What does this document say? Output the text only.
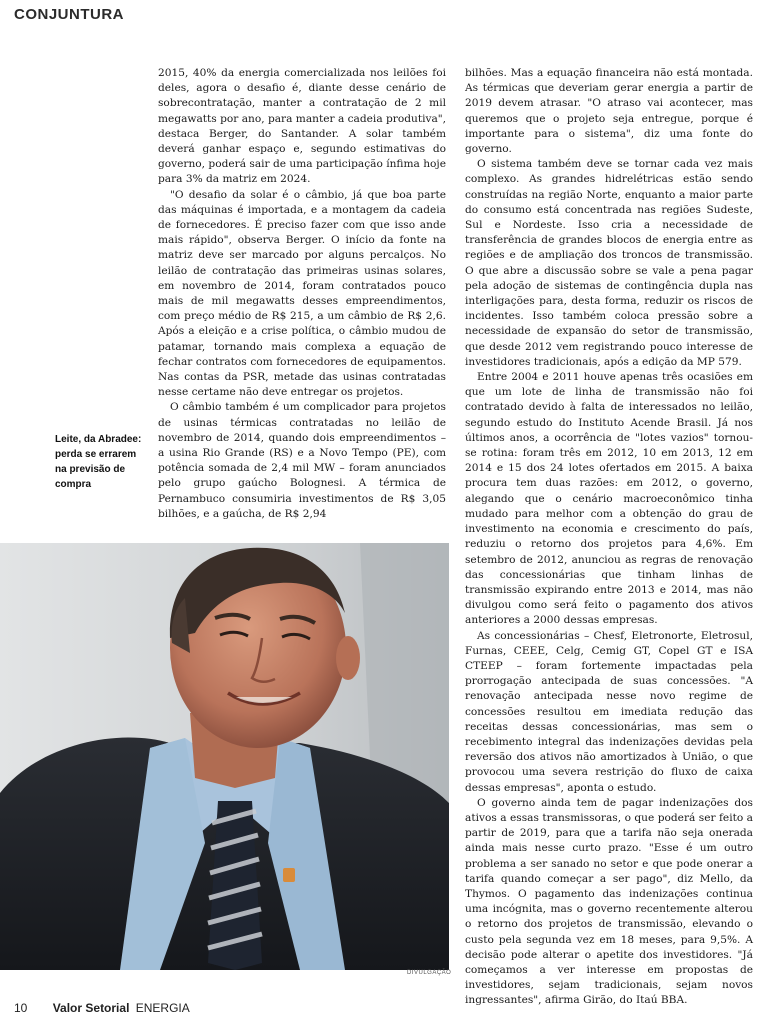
CONJUNTURA

2015, 40% da energia comercializada nos leilões foi deles, agora o desafio é, diante desse cenário de sobrecontratação, manter a contratação de 2 mil megawatts por ano, para manter a cadeia produtiva", destaca Berger, do Santander. A solar também deverá ganhar espaço e, segundo estimativas do governo, poderá sair de uma participação ínfima hoje para 3% da matriz em 2024.

"O desafio da solar é o câmbio, já que boa parte das máquinas é importada, e a montagem da cadeia de fornecedores. É preciso fazer com que isso ande mais rápido", observa Berger. O início da fonte na matriz deve ser marcado por alguns percalços. No leilão de contratação das primeiras usinas solares, em novembro de 2014, foram contratados pouco mais de mil megawatts desses empreendimentos, com preço médio de R$ 215, a um câmbio de R$ 2,6. Após a eleição e a crise política, o câmbio mudou de patamar, tornando mais complexa a equação de fechar contratos com fornecedores de equipamentos. Nas contas da PSR, metade das usinas contratadas nesse certame não deve entregar os projetos.

O câmbio também é um complicador para projetos de usinas térmicas contratadas no leilão de novembro de 2014, quando dois empreendimentos – a usina Rio Grande (RS) e a Novo Tempo (PE), com potência somada de 2,4 mil MW – foram anunciados pelo grupo gaúcho Bolognesi. A térmica de Pernambuco consumiria investimentos de R$ 3,05 bilhões, e a gaúcha, de R$ 2,94

bilhões. Mas a equação financeira não está montada. As térmicas que deveriam gerar energia a partir de 2019 devem atrasar. "O atraso vai acontecer, mas queremos que o projeto seja entregue, porque é importante para o sistema", diz uma fonte do governo.

O sistema também deve se tornar cada vez mais complexo. As grandes hidrelétricas estão sendo construídas na região Norte, enquanto a maior parte do consumo está concentrada nas regiões Sudeste, Sul e Nordeste. Isso cria a necessidade de transferência de grandes blocos de energia entre as regiões e de ampliação dos troncos de transmissão. O que abre a discussão sobre se vale a pena pagar pela adoção de sistemas de contingência dupla nas interligações para, desta forma, reduzir os riscos de incidentes. Isso também coloca pressão sobre a necessidade de expansão do setor de transmissão, que desde 2012 vem registrando pouco interesse de investidores tradicionais, após a edição da MP 579.

Entre 2004 e 2011 houve apenas três ocasiões em que um lote de linha de transmissão não foi contratado devido à falta de interessados no leilão, segundo estudo do Instituto Acende Brasil. Já nos últimos anos, a ocorrência de "lotes vazios" tornou-se rotina: foram três em 2012, 10 em 2013, 12 em 2014 e 15 dos 24 lotes ofertados em 2015. A baixa procura tem duas razões: em 2012, o governo, alegando que o cenário macroeconômico tinha mudado para melhor com a obtenção do grau de investimento na economia e crescimento do país, reduziu o retorno dos projetos para 4,6%. Em setembro de 2012, anunciou as regras de renovação das concessionárias que tinham linhas de transmissão expirando entre 2013 e 2014, mas não divulgou como será feito o pagamento dos ativos anteriores a 2000 dessas empresas.

As concessionárias – Chesf, Eletronorte, Eletrosul, Furnas, CEEE, Celg, Cemig GT, Copel GT e ISA CTEEP – foram fortemente impactadas pela prorrogação antecipada de suas concessões. "A renovação antecipada nesse novo regime de concessões resultou em imediata redução das receitas dessas concessionárias, mas sem o recebimento integral das indenizações devidas pela reversão dos ativos não amortizados à União, o que provocou uma severa restrição do fluxo de caixa dessas empresas", aponta o estudo.

O governo ainda tem de pagar indenizações dos ativos a essas transmissoras, o que poderá ser feito a partir de 2019, para que a tarifa não seja onerada ainda mais nesse curto prazo. "Esse é um outro problema a ser sanado no setor e que pode onerar a tarifa quando começar a ser pago", diz Mello, da Thymos. O pagamento das indenizações continua uma incógnita, mas o governo recentemente alterou o retorno dos projetos de transmissão, elevando o custo pela segunda vez em 18 meses, para 9,5%. A decisão pode alterar o apetite dos investidores. "Já começamos a ver interesse em propostas de investidores, sejam tradicionais, sejam novos ingressantes", afirma Girão, do Itaú BBA.

Leite, da Abradee: perda se errarem na previsão de compra
DIVULGAÇÃO
10 Valor Setorial ENERGIA
